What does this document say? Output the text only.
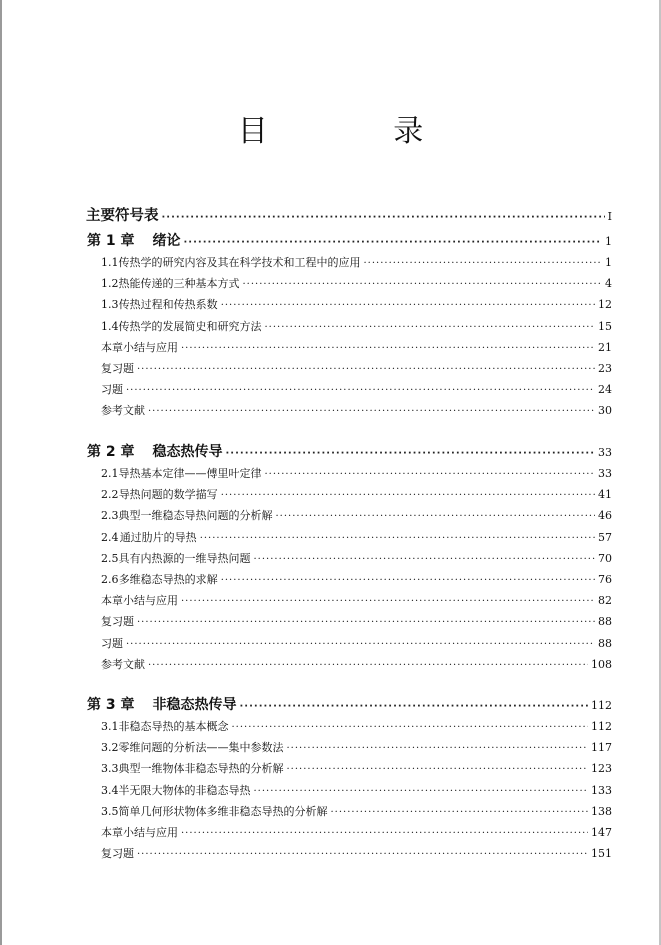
目 录
主要符号表 ·····	I
第 1 章 绪论 ·····	1
1.1 传热学的研究内容及其在科学技术和工程中的应用 ·····	1
1.2 热能传递的三种基本方式 ·····	4
1.3 传热过程和传热系数 ·····	12
1.4 传热学的发展简史和研究方法 ·····	15
本章小结与应用 ·····	21
复习题 ·····	23
习题 ·····	24
参考文献 ·····	30
第 2 章 稳态热传导 ·····	33
2.1 导热基本定律——傅里叶定律 ·····	33
2.2 导热问题的数学描写 ·····	41
2.3 典型一维稳态导热问题的分析解 ·····	46
2.4 通过肋片的导热 ·····	57
2.5 具有内热源的一维导热问题 ·····	70
2.6 多维稳态导热的求解 ·····	76
本章小结与应用 ·····	82
复习题 ·····	88
习题 ·····	88
参考文献 ·····	108
第 3 章 非稳态热传导 ·····	112
3.1 非稳态导热的基本概念 ·····	112
3.2 零维问题的分析法——集中参数法 ·····	117
3.3 典型一维物体非稳态导热的分析解 ·····	123
3.4 半无限大物体的非稳态导热 ·····	133
3.5 简单几何形状物体多维非稳态导热的分析解 ·····	138
本章小结与应用 ·····	147
复习题 ·····	151
